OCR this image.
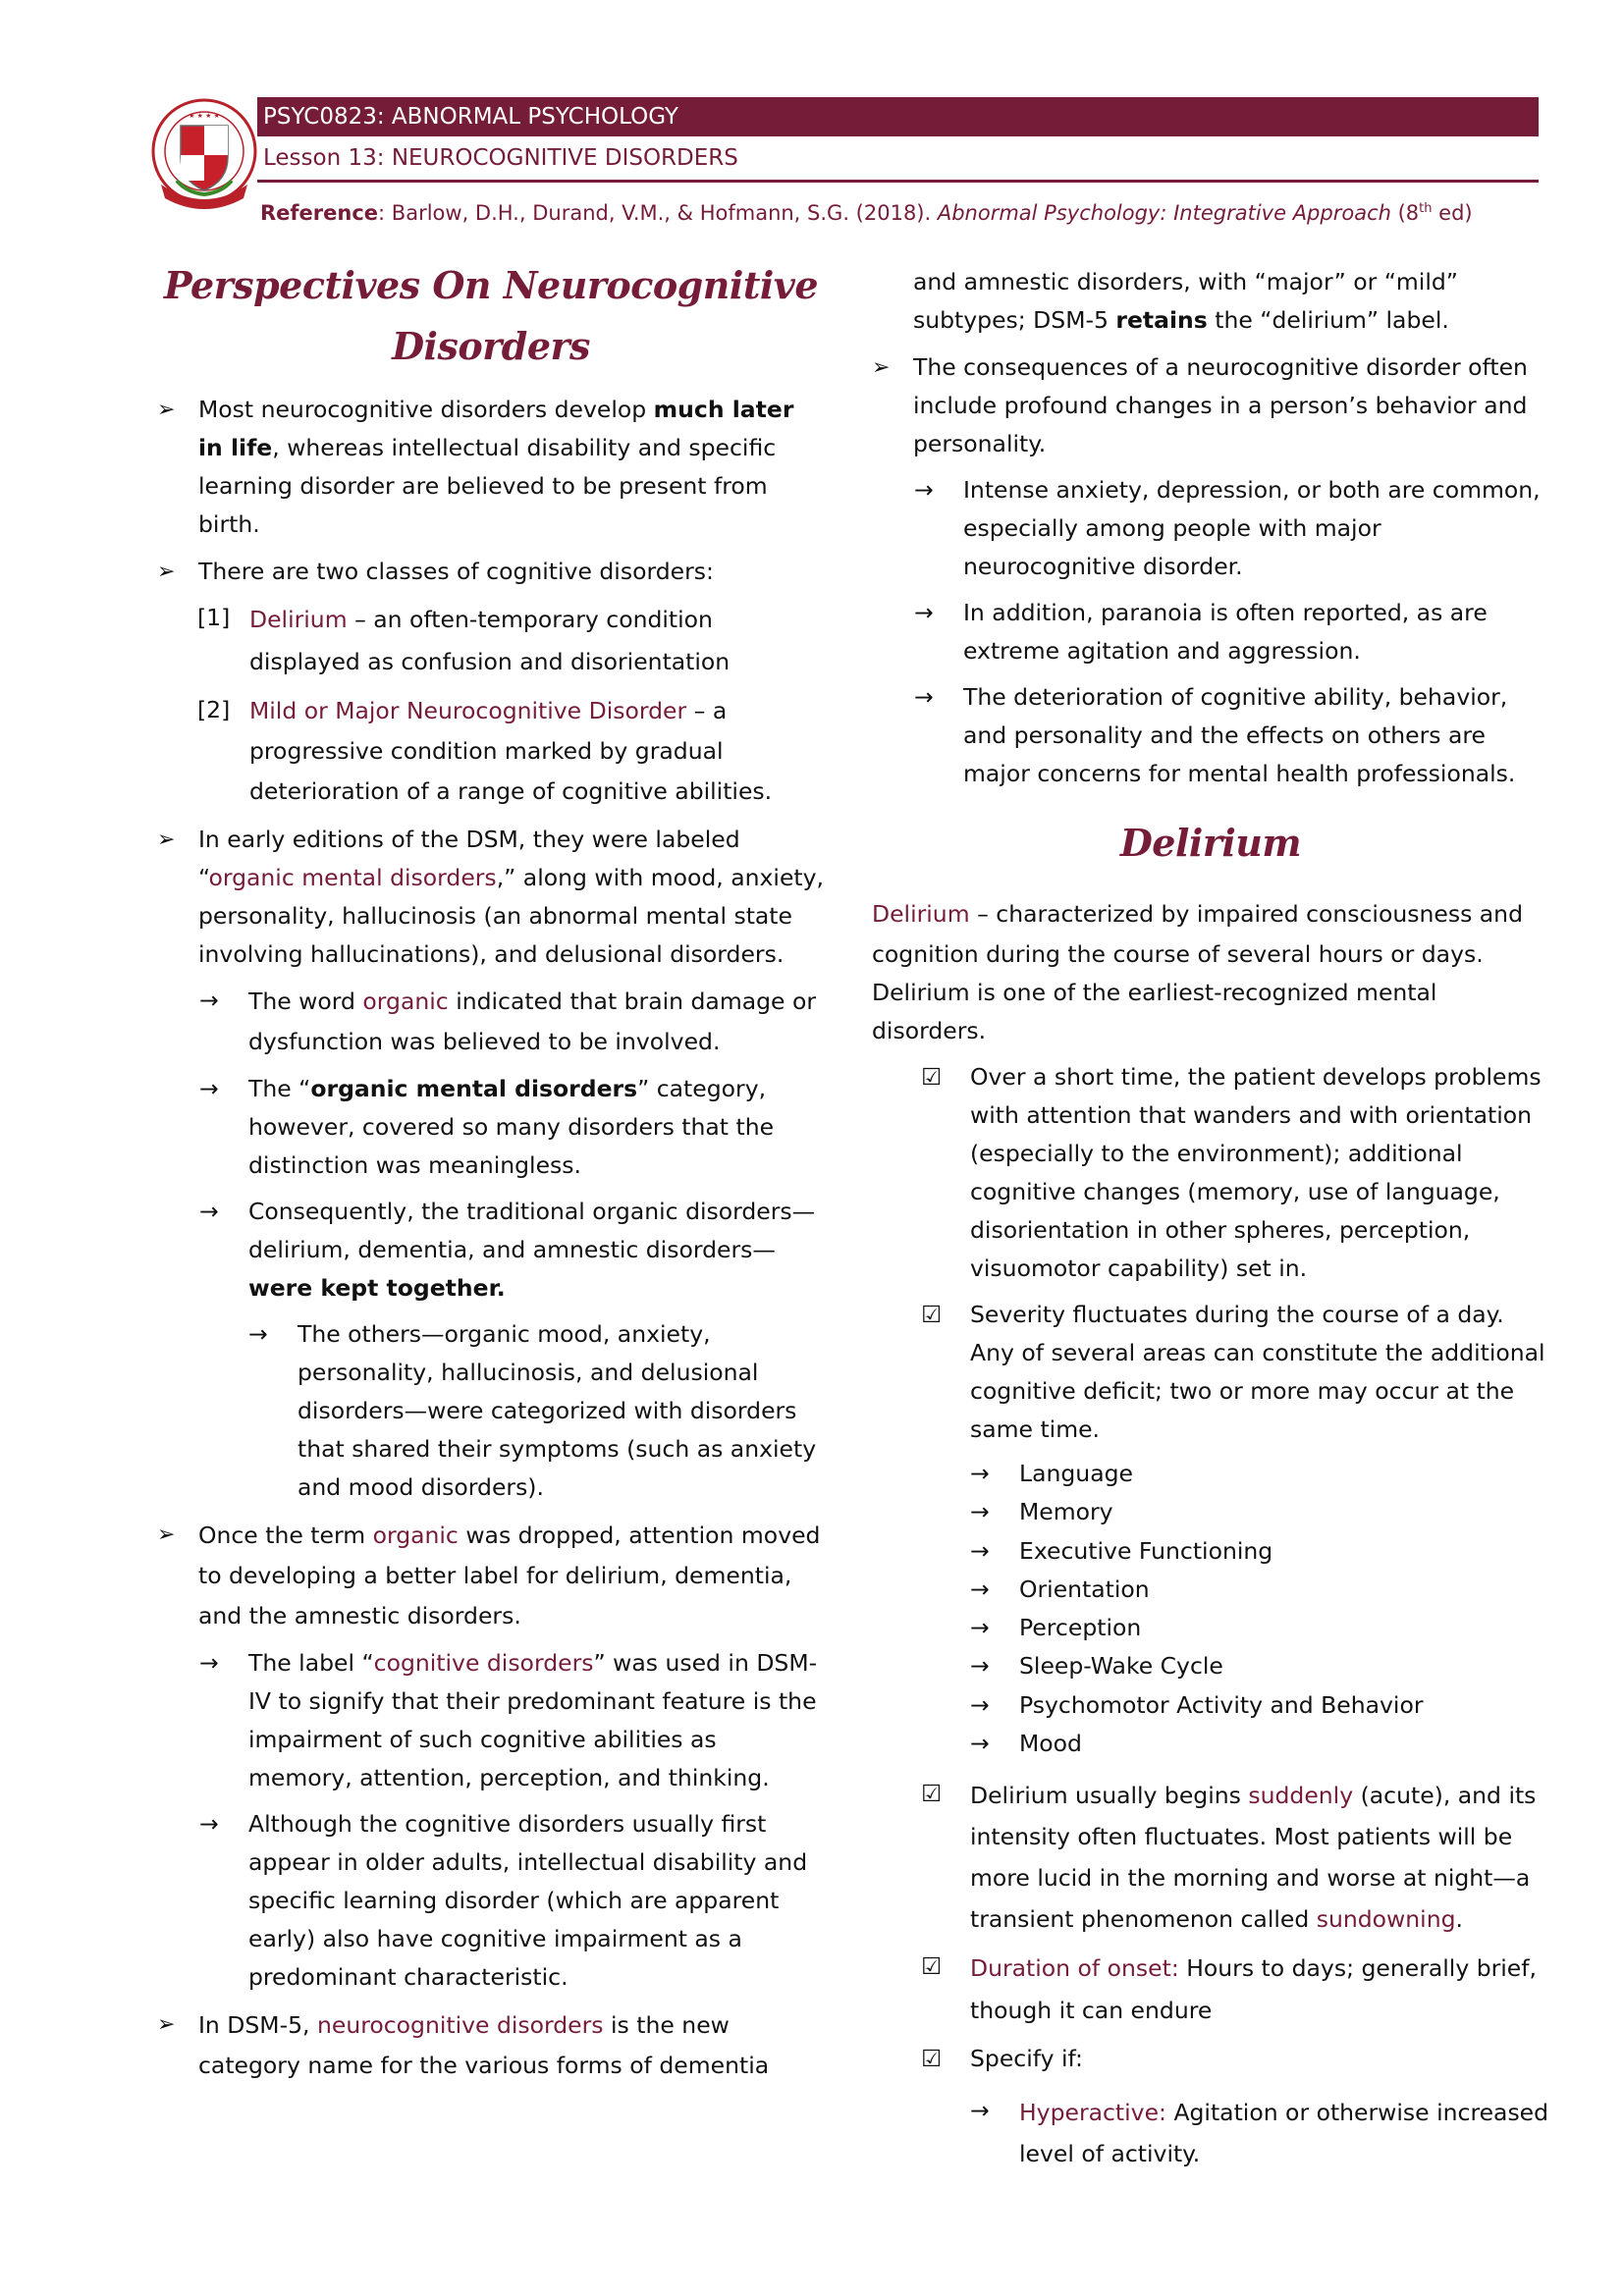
★ ★ ★ ★ PSYC0823: ABNORMAL PSYCHOLOGY
Lesson 13: NEUROCOGNITIVE DISORDERS
Reference: Barlow, D.H., Durand, V.M., & Hofmann, S.G. (2018). Abnormal Psychology: Integrative Approach (8th ed)
Perspectives On Neurocognitive
Disorders
➢	Most neurocognitive disorders develop much later in life, whereas intellectual disability and specific learning disorder are believed to be present from birth.
➢	There are two classes of cognitive disorders:
[1] Delirium – an often-temporary condition displayed as confusion and disorientation
[2] Mild or Major Neurocognitive Disorder – a progressive condition marked by gradual deterioration of a range of cognitive abilities.
➢	In early editions of the DSM, they were labeled “organic mental disorders,” along with mood, anxiety, personality, hallucinosis (an abnormal mental state involving hallucinations), and delusional disorders.
→	The word organic indicated that brain damage or dysfunction was believed to be involved.
→	The “organic mental disorders” category, however, covered so many disorders that the distinction was meaningless.
→	Consequently, the traditional organic disorders—delirium, dementia, and amnestic disorders—were kept together.
→	The others—organic mood, anxiety, personality, hallucinosis, and delusional disorders—were categorized with disorders that shared their symptoms (such as anxiety and mood disorders).
➢	Once the term organic was dropped, attention moved to developing a better label for delirium, dementia, and the amnestic disorders.
→	The label “cognitive disorders” was used in DSM-IV to signify that their predominant feature is the impairment of such cognitive abilities as memory, attention, perception, and thinking.
→	Although the cognitive disorders usually first appear in older adults, intellectual disability and specific learning disorder (which are apparent early) also have cognitive impairment as a predominant characteristic.
➢	In DSM-5, neurocognitive disorders is the new category name for the various forms of dementia
and amnestic disorders, with “major” or “mild” subtypes; DSM-5 retains the “delirium” label.
➢	The consequences of a neurocognitive disorder often include profound changes in a person’s behavior and personality.
→	Intense anxiety, depression, or both are common, especially among people with major neurocognitive disorder.
→	In addition, paranoia is often reported, as are extreme agitation and aggression.
→	The deterioration of cognitive ability, behavior, and personality and the effects on others are major concerns for mental health professionals.
Delirium
Delirium – characterized by impaired consciousness and cognition during the course of several hours or days. Delirium is one of the earliest-recognized mental disorders.
☑	Over a short time, the patient develops problems with attention that wanders and with orientation (especially to the environment); additional cognitive changes (memory, use of language, disorientation in other spheres, perception, visuomotor capability) set in.
☑	Severity fluctuates during the course of a day. Any of several areas can constitute the additional cognitive deficit; two or more may occur at the same time.
→	Language
→	Memory
→	Executive Functioning
→	Orientation
→	Perception
→	Sleep-Wake Cycle
→	Psychomotor Activity and Behavior
→	Mood
☑	Delirium usually begins suddenly (acute), and its intensity often fluctuates. Most patients will be more lucid in the morning and worse at night—a transient phenomenon called sundowning.
☑	Duration of onset: Hours to days; generally brief, though it can endure
☑	Specify if:
→	Hyperactive: Agitation or otherwise increased level of activity.
